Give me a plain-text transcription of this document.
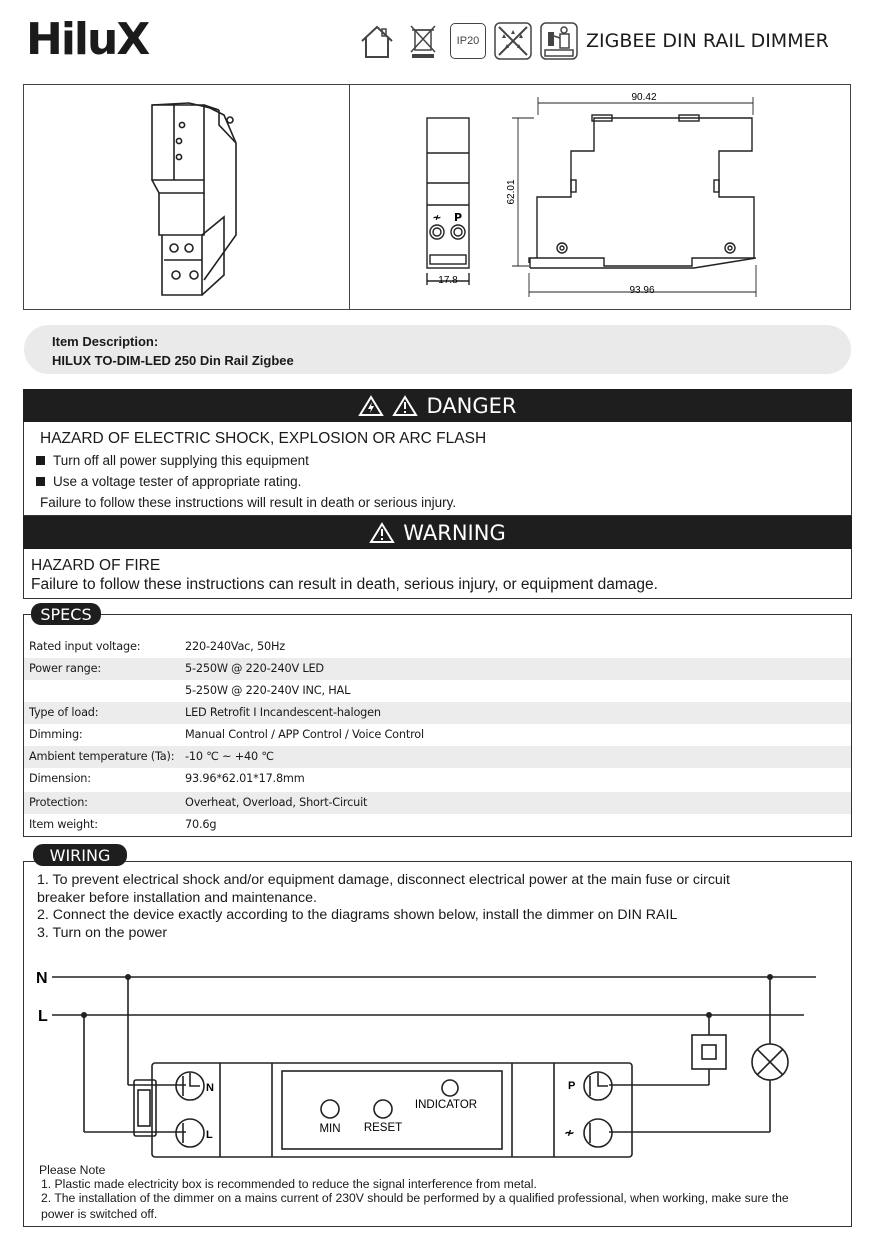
HiluX	IP20	ZIGBEE DIN RAIL DIMMER
≁ P
17.8
90.42
62.01
93.96
Item Description:
HILUX TO-DIM-LED 250 Din Rail Zigbee
DANGER
HAZARD OF ELECTRIC SHOCK, EXPLOSION OR ARC FLASH
Turn off all power supplying this equipment
Use a voltage tester of appropriate rating.
Failure to follow these instructions will result in death or serious injury.
WARNING
HAZARD OF FIRE
Failure to follow these instructions can result in death, serious injury, or equipment damage.
SPECS
Rated input voltage:	220-240Vac, 50Hz
Power range:	5-250W @ 220-240V LED
5-250W @ 220-240V INC, HAL
Type of load:	LED Retrofit I Incandescent-halogen
Dimming:	Manual Control / APP Control / Voice Control
Ambient temperature (Ta): -10 ℃ ~ +40 ℃
Dimension:	93.96*62.01*17.8mm
Protection:	Overheat, Overload, Short-Circuit
Item weight:	70.6g
WIRING
1. To prevent electrical shock and/or equipment damage, disconnect electrical power at the main fuse or circuit
breaker before installation and maintenance.
2. Connect the device exactly according to the diagrams shown below, install the dimmer on DIN RAIL
3. Turn on the power
N
L
N
L
P
≁
MIN RESET
INDICATOR
Please Note
1. Plastic made electricity box is recommended to reduce the signal interference from metal.
2. The installation of the dimmer on a mains current of 230V should be performed by a qualified professional, when working, make sure the
power is switched off.
